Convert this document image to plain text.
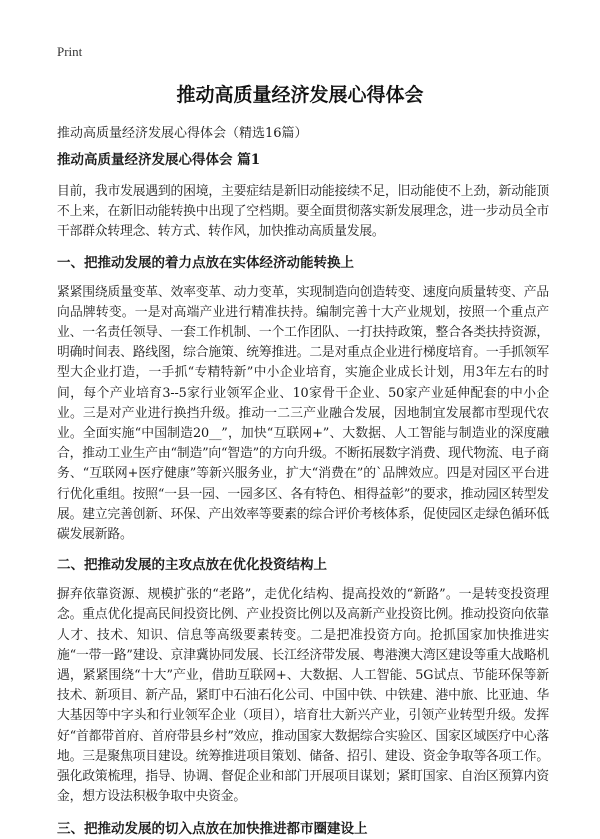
Print
推动高质量经济发展心得体会

推动高质量经济发展心得体会（精选16篇）

推动高质量经济发展心得体会 篇1

目前，我市发展遇到的困境，主要症结是新旧动能接续不足，旧动能使不上劲，新动能顶不上来，在新旧动能转换中出现了空档期。要全面贯彻落实新发展理念，进一步动员全市干部群众转理念、转方式、转作风，加快推动高质量发展。

一、把推动发展的着力点放在实体经济动能转换上

紧紧围绕质量变革、效率变革、动力变革，实现制造向创造转变、速度向质量转变、产品向品牌转变。一是对高端产业进行精准扶持。编制完善十大产业规划，按照一个重点产业、一名责任领导、一套工作机制、一个工作团队、一打扶持政策，整合各类扶持资源，明确时间表、路线图，综合施策、统筹推进。二是对重点企业进行梯度培育。一手抓领军型大企业打造，一手抓“专精特新”中小企业培育，实施企业成长计划，用3年左右的时间，每个产业培育3--5家行业领军企业、10家骨干企业、50家产业延伸配套的中小企业。三是对产业进行换挡升级。推动一二三产业融合发展，因地制宜发展都市型现代农业。全面实施“中国制造20__”，加快“互联网+”、大数据、人工智能与制造业的深度融合，推动工业生产由“制造”向“智造”的方向升级。不断拓展数字消费、现代物流、电子商务、“互联网+医疗健康”等新兴服务业，扩大“消费在”的`品牌效应。四是对园区平台进行优化重组。按照“一县一园、一园多区、各有特色、相得益彰”的要求，推动园区转型发展。建立完善创新、环保、产出效率等要素的综合评价考核体系，促使园区走绿色循环低碳发展新路。

二、把推动发展的主攻点放在优化投资结构上

摒弃依靠资源、规模扩张的“老路”，走优化结构、提高投效的“新路”。一是转变投资理念。重点优化提高民间投资比例、产业投资比例以及高新产业投资比例。推动投资向依靠人才、技术、知识、信息等高级要素转变。二是把准投资方向。抢抓国家加快推进实施“一带一路”建设、京津冀协同发展、长江经济带发展、粤港澳大湾区建设等重大战略机遇，紧紧围绕“十大”产业，借助互联网+、大数据、人工智能、5G试点、节能环保等新技术、新项目、新产品，紧盯中石油石化公司、中国中铁、中铁建、港中旅、比亚迪、华大基因等中字头和行业领军企业（项目），培育壮大新兴产业，引领产业转型升级。发挥好“首都带首府、首府带县乡村”效应，推动国家大数据综合实验区、国家区域医疗中心落地。三是聚焦项目建设。统筹推进项目策划、储备、招引、建设、资金争取等各项工作。强化政策梳理，指导、协调、督促企业和部门开展项目谋划；紧盯国家、自治区预算内资金，想方设法积极争取中央资金。

三、把推动发展的切入点放在加快推进都市圈建设上
